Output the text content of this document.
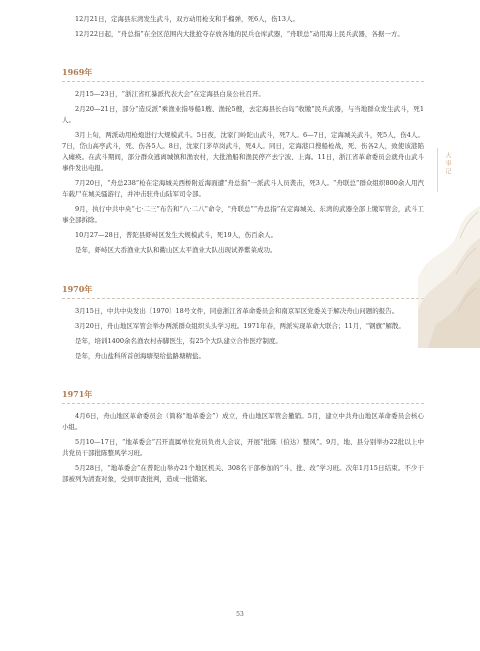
12月21日，定海县东湾发生武斗，双方动用枪支和手榴弹，死6人，伤13人。

12月22日起，“舟总指”在全区范围内大批抢夺存放各地的民兵仓库武器，“舟联总”动用海上民兵武器，各据一方。

1969年

2月15—23日，“浙江省红暴派代表大会”在定海县白泉公社召开。

2月20—21日，部分“造反派”乘渔业指导船1艘、渔轮5艘，去定海县长白岛“收缴”民兵武器，与当地群众发生武斗，死1人。

3月上旬，两派动用枪炮进行大规模武斗。5日夜，沈家门岭陀山武斗，死7人。6—7日，定海城关武斗，死5人，伤4人。7日，岱山高亭武斗，死、伤各5人。8日，沈家门茅草岗武斗，死4人。同日，定海港口搜船枪战，死、伤各2人，致使该港陷入瘫痪。在武斗期间，部分群众逃离城镇和渔农村，大批渔船和渔民停产去宁波、上海。11日，浙江省革命委员会就舟山武斗事件发出电报。

7月20日，“舟总238”枪在定海城关西桥附近海面遭“舟总指”一派武斗人员袭击，死3人。“舟联总”群众组织800余人用汽车载尸在城关骚游行，并冲击驻舟山陆军司令部。

9月，执行中共中央“七·二三”布告和“八·二八”命令，“舟联总”“舟总指”在定海城关、东湾的武器全部上缴军管会，武斗工事全部拆除。

10月27—28日，普陀县虾峙区发生大规模武斗，死19人，伤百余人。

是年，虾峙区大岙渔业大队和衢山区太平渔业大队出现试养紫菜成功。

1970年

3月15日，中共中央发出〔1970〕18号文件，同意浙江省革命委员会和南京军区党委关于解决舟山问题的报告。

3月20日，舟山地区军管会举办两派群众组织头头学习班。1971年春，两派实现革命大联合；11月，“钢旗”解散。

是年，培训1400余名渔农村赤脚医生，有25个大队建立合作医疗制度。

是年，舟山盐科所首创海塘渠给盐路塘精盐。

1971年

4月6日，舟山地区革命委员会（简称“地革委会”）成立，舟山地区军管会撤销。5月，建立中共舟山地区革命委员会核心小组。

5月10—17日，“地革委会”召开直属单位党员负责人会议，开展“批陈（伯达）整风”。9月，地、县分别举办22批以上中共党员干部批陈整风学习班。

5月28日，“地革委会”在普陀山举办21个地区机关、308名干部参加的“斗、批、改”学习班。次年1月15日结束。不少干部被列为清查对象，受到审查批判，造成一批错案。

大事记
53
